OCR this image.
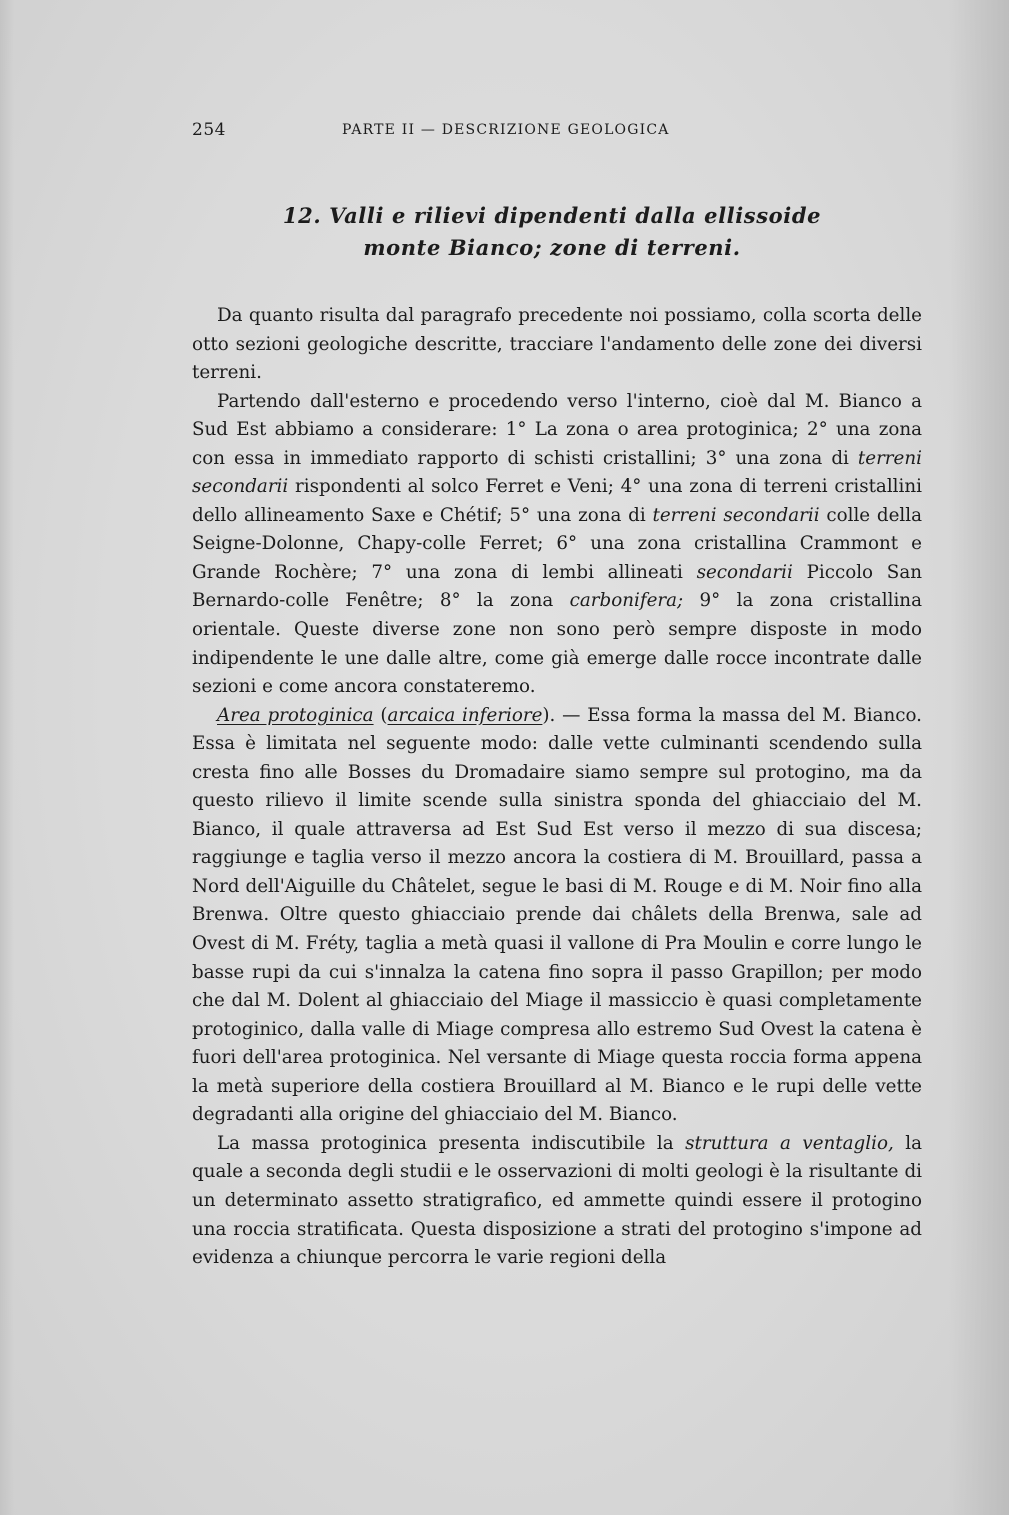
254	PARTE II — DESCRIZIONE GEOLOGICA
12. Valli e rilievi dipendenti dalla ellissoide
monte Bianco; zone di terreni.

Da quanto risulta dal paragrafo precedente noi possiamo, colla scorta delle otto sezioni geologiche descritte, tracciare l'andamento delle zone dei diversi terreni.

Partendo dall'esterno e procedendo verso l'interno, cioè dal M. Bianco a Sud Est abbiamo a considerare: 1° La zona o area protoginica; 2° una zona con essa in immediato rapporto di schisti cristallini; 3° una zona di terreni secondarii rispondenti al solco Ferret e Veni; 4° una zona di terreni cristallini dello allineamento Saxe e Chétif; 5° una zona di terreni secondarii colle della Seigne-Dolonne, Chapy-colle Ferret; 6° una zona cristallina Crammont e Grande Rochère; 7° una zona di lembi allineati secondarii Piccolo San Bernardo-colle Fenêtre; 8° la zona carbonifera; 9° la zona cristallina orientale. Queste diverse zone non sono però sempre disposte in modo indipendente le une dalle altre, come già emerge dalle rocce incontrate dalle sezioni e come ancora constateremo.

Area protoginica (arcaica inferiore). — Essa forma la massa del M. Bianco. Essa è limitata nel seguente modo: dalle vette culminanti scendendo sulla cresta fino alle Bosses du Dromadaire siamo sempre sul protogino, ma da questo rilievo il limite scende sulla sinistra sponda del ghiacciaio del M. Bianco, il quale attraversa ad Est Sud Est verso il mezzo di sua discesa; raggiunge e taglia verso il mezzo ancora la costiera di M. Brouillard, passa a Nord dell'Aiguille du Châtelet, segue le basi di M. Rouge e di M. Noir fino alla Brenwa. Oltre questo ghiacciaio prende dai châlets della Brenwa, sale ad Ovest di M. Fréty, taglia a metà quasi il vallone di Pra Moulin e corre lungo le basse rupi da cui s'innalza la catena fino sopra il passo Grapillon; per modo che dal M. Dolent al ghiacciaio del Miage il massiccio è quasi completamente protoginico, dalla valle di Miage compresa allo estremo Sud Ovest la catena è fuori dell'area protoginica. Nel versante di Miage questa roccia forma appena la metà superiore della costiera Brouillard al M. Bianco e le rupi delle vette degradanti alla origine del ghiacciaio del M. Bianco.

La massa protoginica presenta indiscutibile la struttura a ventaglio, la quale a seconda degli studii e le osservazioni di molti geologi è la risultante di un determinato assetto stratigrafico, ed ammette quindi essere il protogino una roccia stratificata. Questa disposizione a strati del protogino s'impone ad evidenza a chiunque percorra le varie regioni della
